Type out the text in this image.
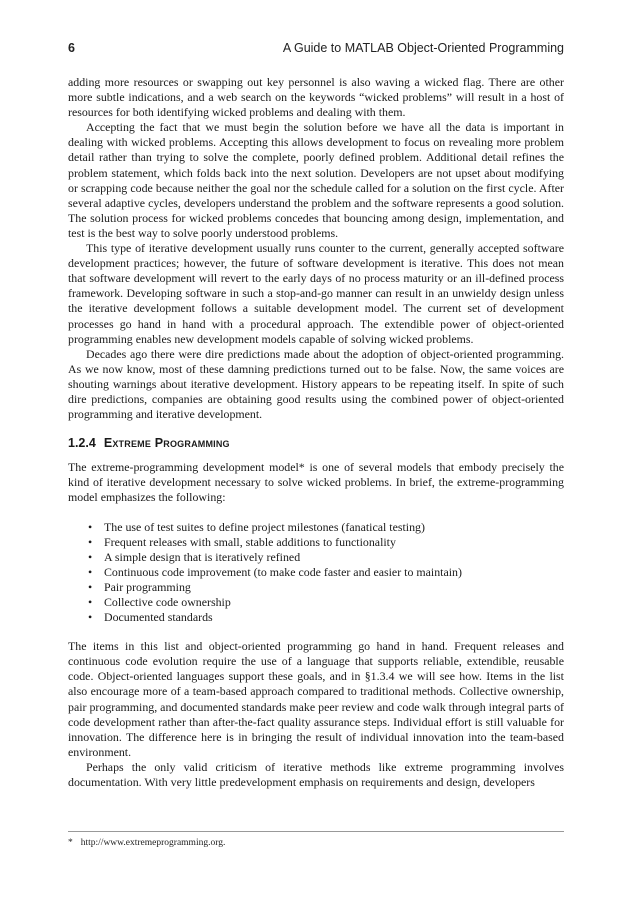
6	A Guide to MATLAB Object-Oriented Programming

adding more resources or swapping out key personnel is also waving a wicked flag. There are other more subtle indications, and a web search on the keywords “wicked problems” will result in a host of resources for both identifying wicked problems and dealing with them.

Accepting the fact that we must begin the solution before we have all the data is important in dealing with wicked problems. Accepting this allows development to focus on revealing more problem detail rather than trying to solve the complete, poorly defined problem. Additional detail refines the problem statement, which folds back into the next solution. Developers are not upset about modifying or scrapping code because neither the goal nor the schedule called for a solution on the first cycle. After several adaptive cycles, developers understand the problem and the software represents a good solution. The solution process for wicked problems concedes that bouncing among design, implementation, and test is the best way to solve poorly understood problems.

This type of iterative development usually runs counter to the current, generally accepted software development practices; however, the future of software development is iterative. This does not mean that software development will revert to the early days of no process maturity or an ill-defined process framework. Developing software in such a stop-and-go manner can result in an unwieldy design unless the iterative development follows a suitable development model. The current set of development processes go hand in hand with a procedural approach. The extendible power of object-oriented programming enables new development models capable of solving wicked problems.

Decades ago there were dire predictions made about the adoption of object-oriented programming. As we now know, most of these damning predictions turned out to be false. Now, the same voices are shouting warnings about iterative development. History appears to be repeating itself. In spite of such dire predictions, companies are obtaining good results using the combined power of object-oriented programming and iterative development.

1.2.4 Extreme Programming

The extreme-programming development model* is one of several models that embody precisely the kind of iterative development necessary to solve wicked problems. In brief, the extreme-programming model emphasizes the following:

• The use of test suites to define project milestones (fanatical testing)
• Frequent releases with small, stable additions to functionality
• A simple design that is iteratively refined
• Continuous code improvement (to make code faster and easier to maintain)
• Pair programming
• Collective code ownership
• Documented standards

The items in this list and object-oriented programming go hand in hand. Frequent releases and continuous code evolution require the use of a language that supports reliable, extendible, reusable code. Object-oriented languages support these goals, and in §1.3.4 we will see how. Items in the list also encourage more of a team-based approach compared to traditional methods. Collective ownership, pair programming, and documented standards make peer review and code walk through integral parts of code development rather than after-the-fact quality assurance steps. Individual effort is still valuable for innovation. The difference here is in bringing the result of individual innovation into the team-based environment.

Perhaps the only valid criticism of iterative methods like extreme programming involves documentation. With very little predevelopment emphasis on requirements and design, developers

* http://www.extremeprogramming.org.
